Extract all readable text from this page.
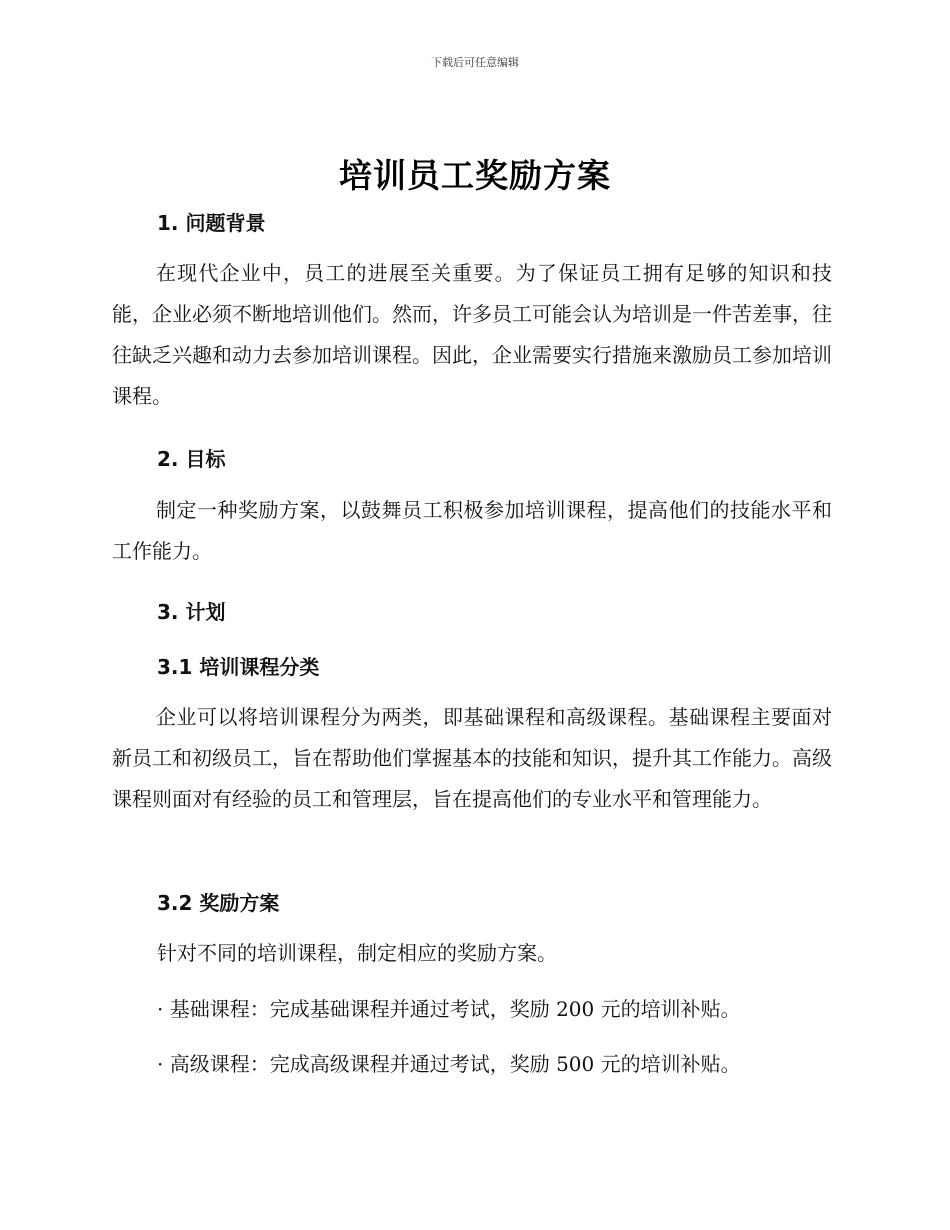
下载后可任意编辑
培训员工奖励方案
1. 问题背景

在现代企业中，员工的进展至关重要。为了保证员工拥有足够的知识和技能，企业必须不断地培训他们。然而，许多员工可能会认为培训是一件苦差事，往往缺乏兴趣和动力去参加培训课程。因此，企业需要实行措施来激励员工参加培训课程。

2. 目标

制定一种奖励方案，以鼓舞员工积极参加培训课程，提高他们的技能水平和工作能力。

3. 计划
3.1 培训课程分类

企业可以将培训课程分为两类，即基础课程和高级课程。基础课程主要面对新员工和初级员工，旨在帮助他们掌握基本的技能和知识，提升其工作能力。高级课程则面对有经验的员工和管理层，旨在提高他们的专业水平和管理能力。

3.2 奖励方案
针对不同的培训课程，制定相应的奖励方案。
· 基础课程：完成基础课程并通过考试，奖励 200 元的培训补贴。
· 高级课程：完成高级课程并通过考试，奖励 500 元的培训补贴。
